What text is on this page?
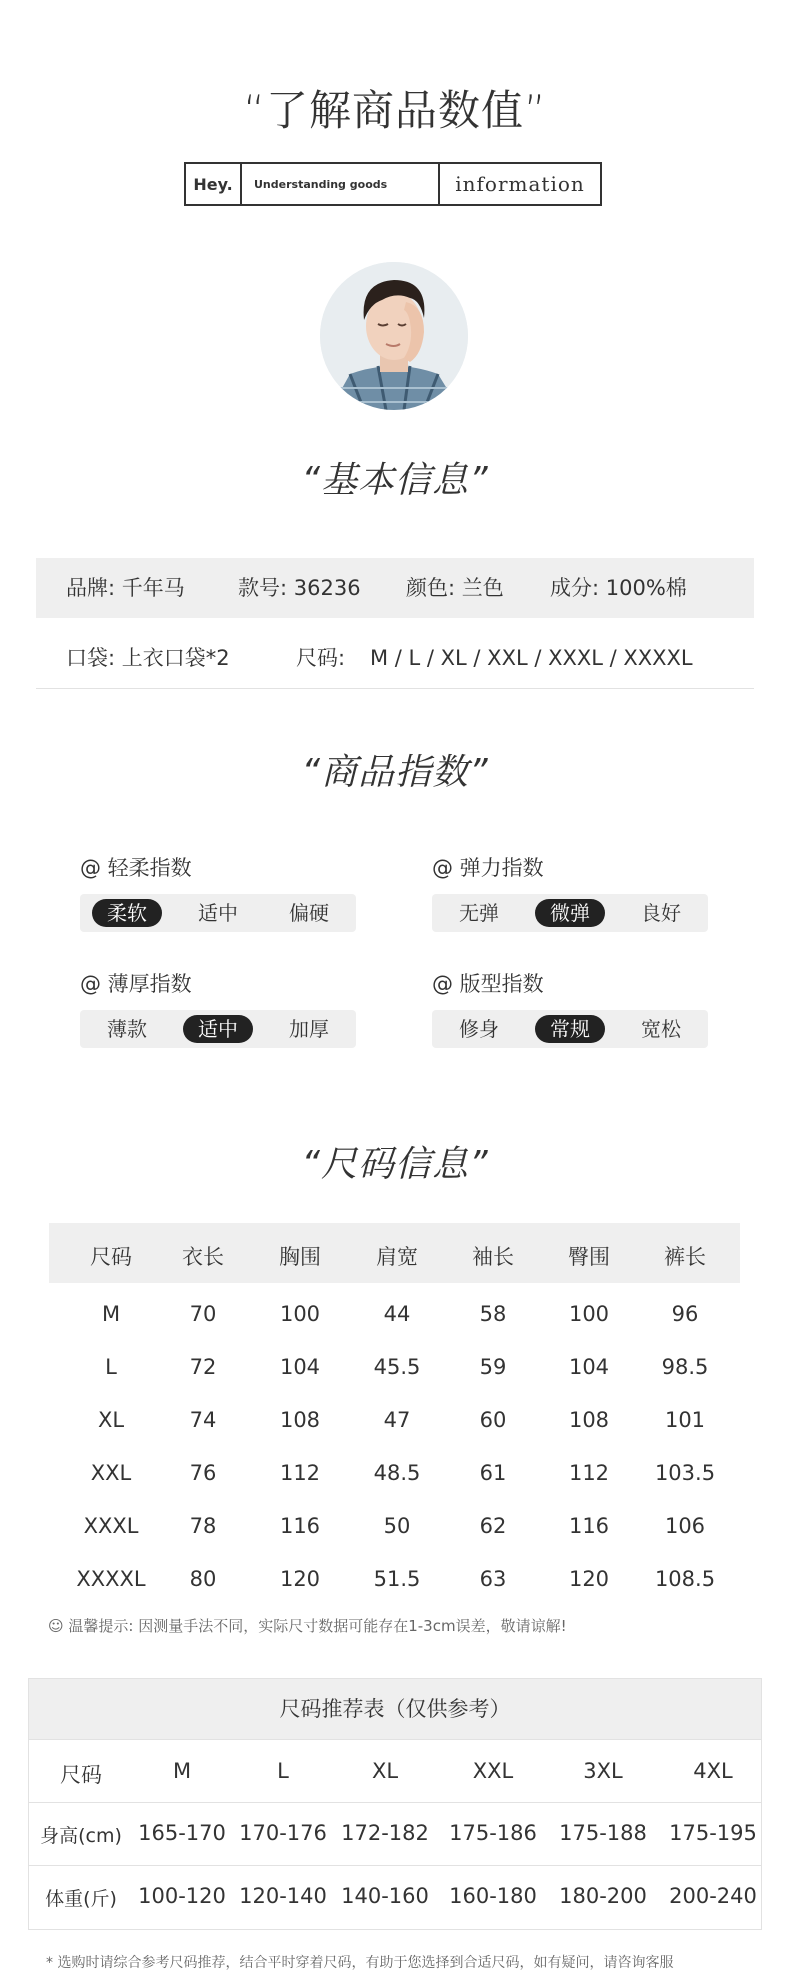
“了解商品数值”
Hey.	Understanding goods	information
“基本信息”
品牌: 千年马	款号: 36236 颜色: 兰色 成分: 100%棉
口袋: 上衣口袋*2	尺码: M / L / XL / XXL / XXXL / XXXXL
“商品指数”
@ 轻柔指数
柔软	适中	偏硬
@ 弹力指数
无弹	微弹	良好
@ 薄厚指数
薄款	适中	加厚
@ 版型指数
修身	常规	宽松
“尺码信息”
尺码	衣长	胸围	肩宽	袖长	臀围	裤长
M	70	100	44	58	100	96
L	72	104	45.5	59	104	98.5
XL	74	108	47	60	108	101
XXL	76	112	48.5	61	112	103.5
XXXL	78	116	50	62	116	106
XXXXL	80	120	51.5	63	120	108.5
☺ 温馨提示: 因测量手法不同，实际尺寸数据可能存在1-3cm误差，敬请谅解!
尺码推荐表（仅供参考）
尺码	M	L	XL	XXL	3XL	4XL
身高(cm) 165-170 170-176 172-182 175-186 175-188 175-195
体重(斤) 100-120 120-140 140-160 160-180 180-200 200-240
* 选购时请综合参考尺码推荐，结合平时穿着尺码，有助于您选择到合适尺码，如有疑问，请咨询客服
